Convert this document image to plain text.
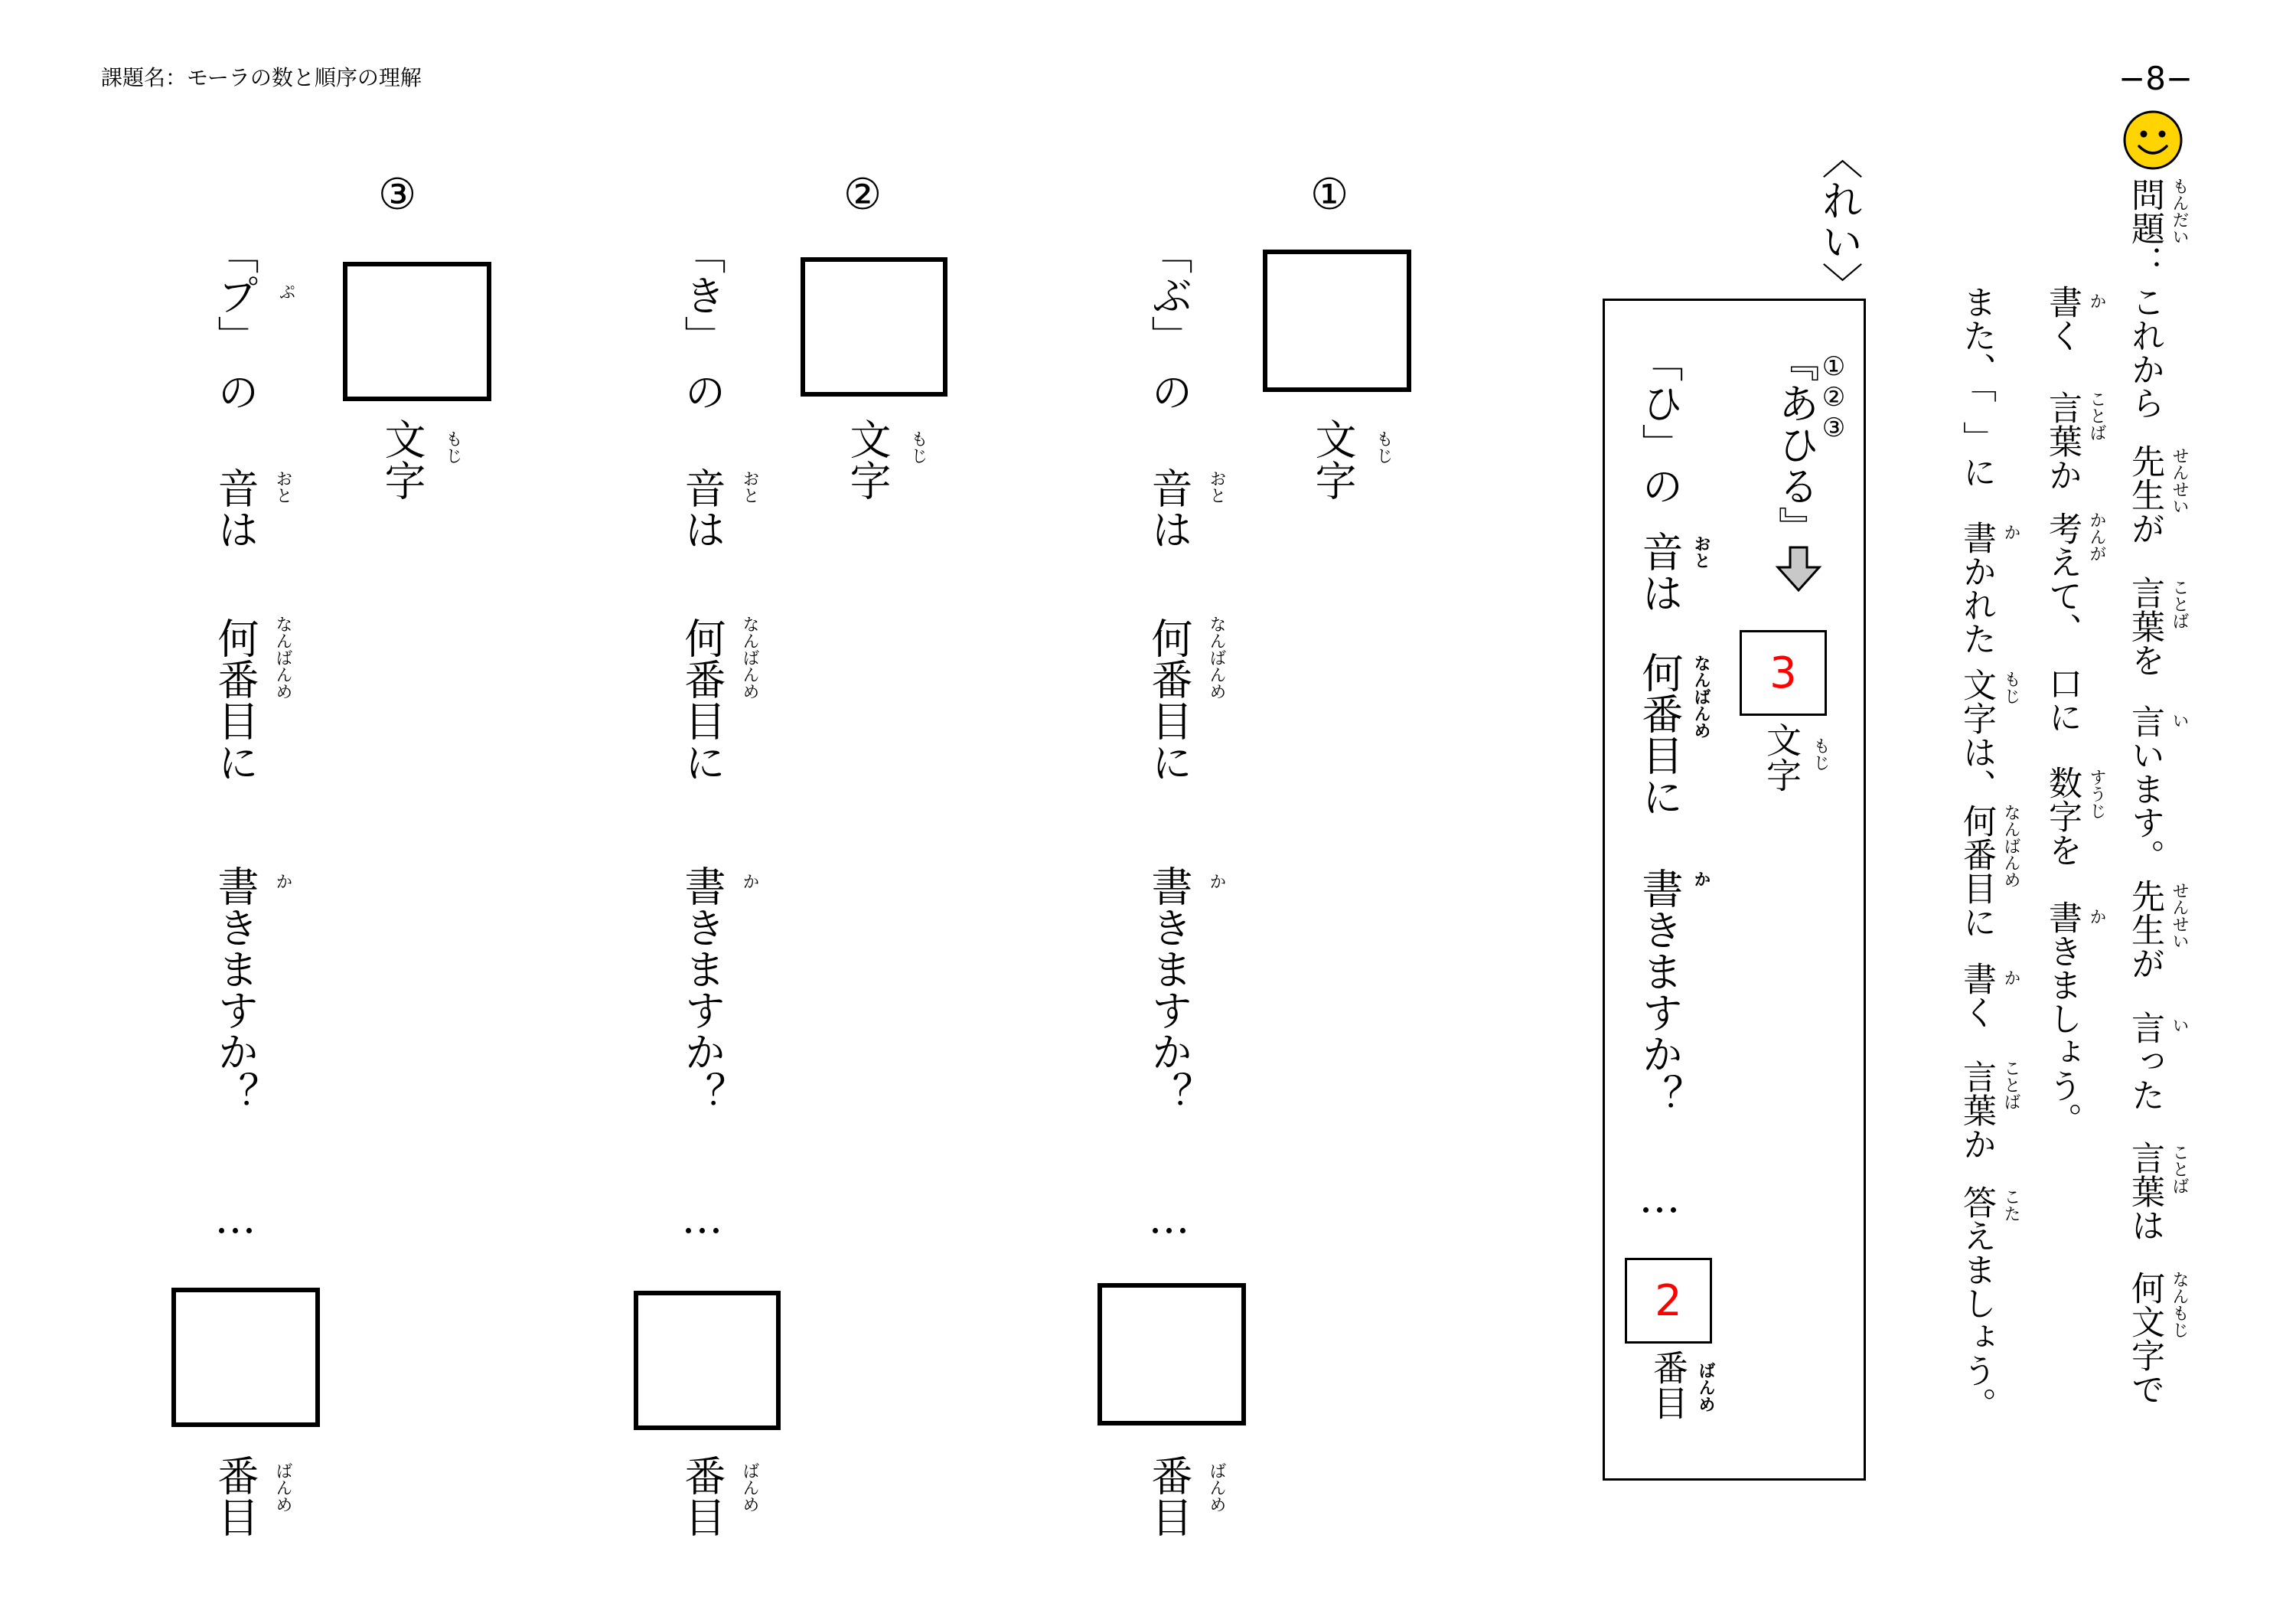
課題名：モーラの数と順序の理解	−8−
問題： もんだい
これから
先生が せんせい
言葉を ことば
言います。 い
先生が せんせい
言った い
言葉は ことば
何文字で なんもじ
書く か
言葉か ことば
考えて、 かんが
口に
数字を すうじ
書きましょう。 か
また、「
」に
書かれた か
文字は、 もじ
何番目に なんばんめ
書く か
言葉か ことば
答えましょう。 こた
〈れい〉
①②③
『あひる』
3
文字 もじ
「ひ」の
音は おと
何番目に なんばんめ
書きますか？ か
…
2
番目 ばんめ
①
文字 もじ
「ぶ」
の
音は おと
何番目に なんばんめ
書きますか？ か
…
番目 ばんめ
②
文字 もじ
「き」
の
音は おと
何番目に なんばんめ
書きますか？ か
…
番目 ばんめ
③
文字 もじ
「プ」 ぷ
の
音は おと
何番目に なんばんめ
書きますか？ か
…
番目 ばんめ
